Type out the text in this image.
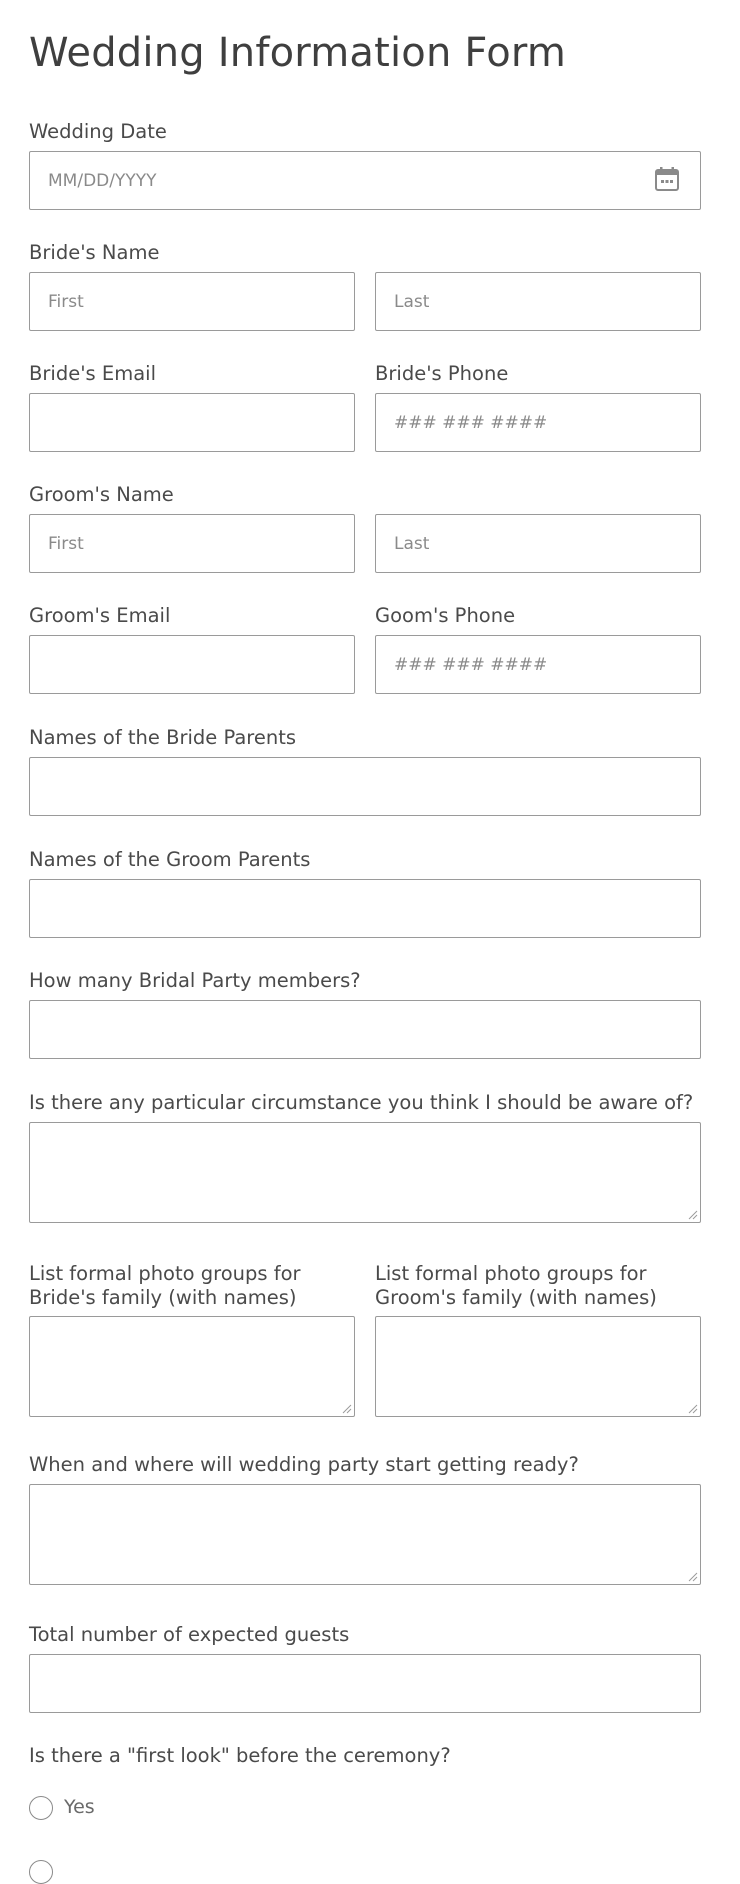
Wedding Information Form
Wedding Date
MM/DD/YYYY
Bride's Name
First	Last
Bride's Email	Bride's Phone
### ### ####
Groom's Name
First	Last
Groom's Email	Goom's Phone
### ### ####
Names of the Bride Parents
Names of the Groom Parents
How many Bridal Party members?
Is there any particular circumstance you think I should be aware of?
List formal photo groups for Bride's family (with names)
List formal photo groups for Groom's family (with names)
When and where will wedding party start getting ready?
Total number of expected guests
Is there a "first look" before the ceremony?
Yes
